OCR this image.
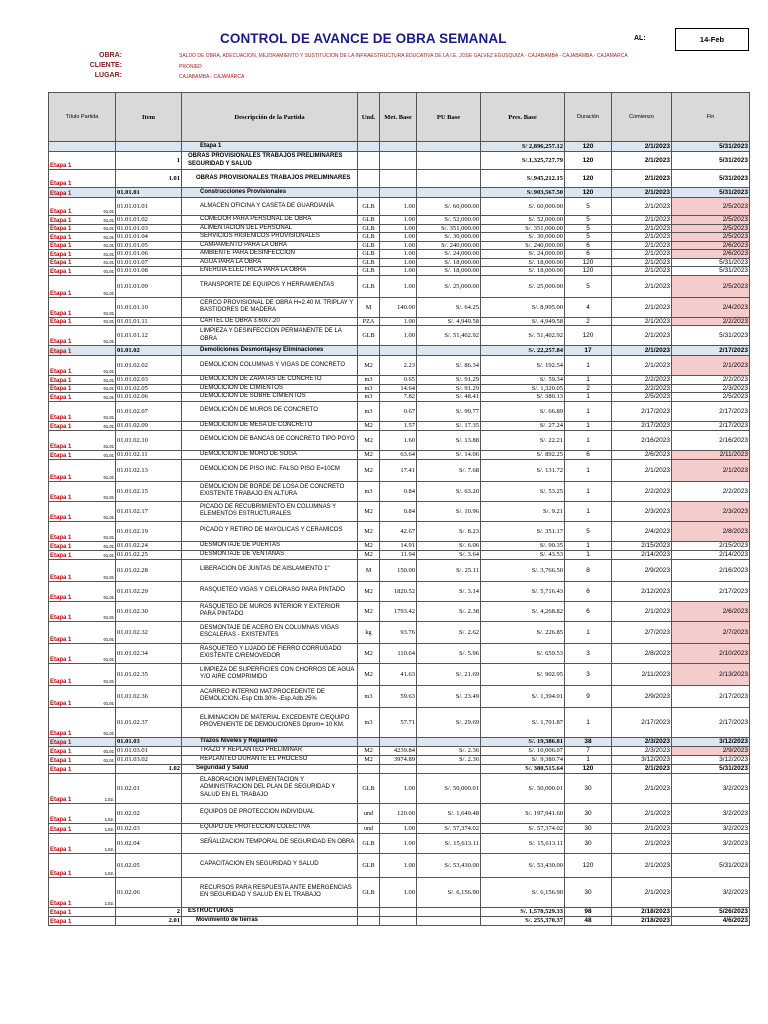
CONTROL DE AVANCE DE OBRA SEMANAL	AL:	14-Feb
OBRA:	SALDO DE OBRA, ADECUACION, MEJORAMIENTO Y SUSTITUCION DE LA INFRAESTRUCTURA EDUCATIVA DE LA I.E. JOSE GALVEZ EGUSQUIZA - CAJABAMBA - CAJABAMBA - CAJAMARCA
CLIENTE:	PRONIED
LUGAR:	CAJABAMBA - CAJAMARCA
Título Partida	Item	Descripción de la Partida	Und.	Met. Base	PU Base	Pres. Base	Duración	Comienzo	Fin

		Etapa 1				S/ 2,896,257.12	120	2/1/2023	5/31/2023
Etapa 1	1	OBRAS PROVISIONALES TRABAJOS PRELIMINARES SEGURIDAD Y SALUD				S/.1,325,727.79	120	2/1/2023	5/31/2023
Etapa 1	1.01	OBRAS PROVISIONALES TRABAJOS PRELIMINARES				S/.945,212.15	120	2/1/2023	5/31/2023
Etapa 1	01.01.01	Construcciones Provisionales				S/.903,567.50	120	2/1/2023	5/31/2023
Etapa 1 01.01	01.01.01.01	ALMACEN OFICINA Y CASETA DE GUARDIANÍA	GLB	1.00	S/. 60,000.00	S/. 60,000.00	5	2/1/2023	2/5/2023
Etapa 1 01.01	01.01.01.02	COMEDOR PARA PERSONAL DE OBRA	GLB	1.00	S/. 52,000.00	S/. 52,000.00	5	2/1/2023	2/5/2023
Etapa 1 01.01	01.01.01.03	ALIMENTACION DEL PERSONAL	GLB	1.00	S/. 351,000.00	S/. 351,000.00	5	2/1/2023	2/5/2023
Etapa 1 01.01	01.01.01.04	SERVICIOS HIGIENICOS PROVISIONALES	GLB	1.00	S/. 30,000.00	S/. 30,000.00	5	2/1/2023	2/5/2023
Etapa 1 01.01	01.01.01.05	CAMPAMENTO PARA LA OBRA	GLB	1.00	S/. 240,000.00	S/. 240,000.00	6	2/1/2023	2/6/2023
Etapa 1 01.01	01.01.01.06	AMBIENTE PARA DESINFECCION	GLB	1.00	S/. 24,000.00	S/. 24,000.00	6	2/1/2023	2/6/2023
Etapa 1 01.01	01.01.01.07	AGUA PARA LA OBRA	GLB	1.00	S/. 18,000.00	S/. 18,000.00	120	2/1/2023	5/31/2023
Etapa 1 01.01	01.01.01.08	ENERGIA ELECTRICA PARA LA OBRA	GLB	1.00	S/. 18,000.00	S/. 18,000.00	120	2/1/2023	5/31/2023
Etapa 1 01.01	01.01.01.09	TRANSPORTE DE EQUIPOS Y HERRAMIENTAS	GLB	1.00	S/. 25,000.00	S/. 25,000.00	5	2/1/2023	2/5/2023
Etapa 1 01.01	01.01.01.10	CERCO PROVISIONAL DE OBRA H=2.40 M. TRIPLAY Y BASTIDORES DE MADERA	M	140.00	S/. 64.25	S/. 8,995.00	4	2/1/2023	2/4/2023
Etapa 1 01.01	01.01.01.11	CARTEL DE OBRA 3.60x7.20	PZA	1.00	S/. 4,949.58	S/. 4,949.58	2	2/1/2023	2/2/2023
Etapa 1 01.01	01.01.01.12	LIMPIEZA Y DESINFECCION PERMANENTE DE LA OBRA	GLB	1.00	S/. 51,402.92	S/. 51,402.92	120	2/1/2023	5/31/2023
Etapa 1	01.01.02	Demoliciones Desmontajesy Eliminaciones				S/. 22,257.84	17	2/1/2023	2/17/2023
Etapa 1 01.01	01.01.02.02	DEMOLICION COLUMNAS Y VIGAS DE CONCRETO	M2	2.23	S/. 86.34	S/. 192.54	1	2/1/2023	2/1/2023
Etapa 1 01.01	01.01.02.03	DEMOLICION DE ZAPATAS DE CONCRETO	m3	0.65	S/. 91.29	S/. 59.34	1	2/2/2023	2/2/2023
Etapa 1 01.01	01.01.02.05	DEMOLICION DE CIMIENTOS	m3	14.64	S/. 91.29	S/. 1,320.05	2	2/2/2023	2/3/2023
Etapa 1 01.01	01.01.02.06	DEMOLICION DE SOBRE CIMIENTOS	m3	7.82	S/. 48.41	S/. 380.13	1	2/5/2023	2/5/2023
Etapa 1 01.01	01.01.02.07	DEMOLICIÓN DE MUROS DE CONCRETO	m3	0.67	S/. 99.77	S/. 66.89	1	2/17/2023	2/17/2023
Etapa 1 01.01	01.01.02.09	DEMOLICION DE MESA DE CONCRETO	M2	1.57	S/. 17.35	S/. 27.24	1	2/17/2023	2/17/2023
Etapa 1 01.01	01.01.02.10	DEMOLICION DE BANCAS DE CONCRETO TIPO POYO	M2	1.60	S/. 13.88	S/. 22.21	1	2/16/2023	2/16/2023
Etapa 1 01.01	01.01.02.11	DEMOLICION DE MURO DE SOGA	M2	63.64	S/. 14.06	S/. 892.25	6	2/6/2023	2/11/2023
Etapa 1 01.01	01.01.02.13	DEMOLICION DE PISO INC. FALSO PISO E=10CM	M2	17.41	S/. 7.68	S/. 131.72	1	2/1/2023	2/1/2023
Etapa 1 01.01	01.01.02.15	DEMOLICION DE BORDE DE LOSA DE CONCRETO EXISTENTE TRABAJO EN ALTURA	m3	0.84	S/. 63.20	S/. 53.25	1	2/2/2023	2/2/2023
Etapa 1 01.01	01.01.02.17	PICADO DE RECUBRIMIENTO EN COLUMNAS Y ELEMENTOS ESTRUCTURALES	M2	0.84	S/. 10.96	S/. 9.21	1	2/3/2023	2/3/2023
Etapa 1 01.01	01.01.02.19	PICADO Y RETIRO DE MAYOLICAS Y CERAMICOS	M2	42.67	S/. 8.23	S/. 351.17	5	2/4/2023	2/8/2023
Etapa 1 01.01	01.01.02.24	DESMONTAJE DE PUERTAS	M2	14.91	S/. 6.06	S/. 90.35	1	2/15/2023	2/15/2023
Etapa 1 01.01	01.01.02.25	DESMONTAJE DE VENTANAS	M2	11.94	S/. 3.64	S/. 43.53	1	2/14/2023	2/14/2023
Etapa 1 01.01	01.01.02.28	LIBERACION DE JUNTAS DE AISLAMIENTO 1"	M	150.00	S/. 25.11	S/. 3,766.50	8	2/9/2023	2/16/2023
Etapa 1 01.01	01.01.02.29	RASQUETEO VIGAS Y CIELORASO PARA PINTADO	M2	1820.52	S/. 3.14	S/. 5,716.43	6	2/12/2023	2/17/2023
Etapa 1 01.01	01.01.02.30	RASQUETEO DE MUROS INTERIOR Y EXTERIOR PARA PINTADO	M2	1793.42	S/. 2.38	S/. 4,268.82	6	2/1/2023	2/6/2023
Etapa 1 01.01	01.01.02.32	DESMONTAJE DE ACERO EN COLUMNAS VIGAS ESCALERAS - EXISTENTES	kg	93.76	S/. 2.62	S/. 226.85	1	2/7/2023	2/7/2023
Etapa 1 01.01	01.01.02.34	RASQUETEO Y LIJADO DE FIERRO CORRUGADO EXISTENTE C/REMOVEDOR	M2	110.64	S/. 5.96	S/. 659.53	3	2/8/2023	2/10/2023
Etapa 1 01.01	01.01.02.35	LIMPIEZA DE SUPERFICIES CON CHORROS DE AGUA Y/O AIRE COMPRIMIDO	M2	41.63	S/. 21.69	S/. 902.95	3	2/11/2023	2/13/2023
Etapa 1 01.01	01.01.02.36	ACARREO INTERNO MAT.PROCEDENTE DE DEMOLICION.-Esp Ctb.30% -Esp.Adb.25%	m3	59.63	S/. 23.49	S/. 1,394.01	9	2/9/2023	2/17/2023
Etapa 1 01.01	01.01.02.37	ELIMINACION DE MATERIAL EXCEDENTE C/EQUIPO PROVENIENTE DE DEMOLICIONES Dprom= 10 KM.	m3	57.71	S/. 29.69	S/. 1,701.87	1	2/17/2023	2/17/2023
Etapa 1	01.01.03	Trazos Niveles y Replanteo				S/. 19,386.81	38	2/3/2023	3/12/2023
Etapa 1 01.01	01.01.03.01	TRAZO Y REPLANTEO PRELIMINAR	M2	4239.84	S/. 2.36	S/. 10,006.07	7	2/3/2023	2/9/2023
Etapa 1 01.01	01.01.03.02	REPLANTEO DURANTE EL PROCESO	M2	3974.89	S/. 2.36	S/. 9,380.74	1	3/12/2023	3/12/2023
Etapa 1	1.02	Seguridad y Salud				S/. 380,515.64	120	2/1/2023	5/31/2023
Etapa 1 1.02.	01.02.01	ELABORACION IMPLEMENTACION Y ADMINISTRACION DEL PLAN DE SEGURIDAD Y SALUD EN EL TRABAJO	GLB	1.00	S/. 50,000.01	S/. 50,000.01	30	2/1/2023	3/2/2023
Etapa 1 1.02.	01.02.02	EQUIPOS DE PROTECCION INDIVIDUAL	und	120.00	S/. 1,649.48	S/. 197,941.60	30	2/1/2023	3/2/2023
Etapa 1 1.02.	01.02.03	EQUIPO DE PROTECCION COLECTIVA	und	1.00	S/. 57,374.02	S/. 57,374.02	30	2/1/2023	3/2/2023
Etapa 1 1.02.	01.02.04	SEÑALIZACION TEMPORAL DE SEGURIDAD EN OBRA	GLB	1.00	S/. 15,613.11	S/. 15,613.11	30	2/1/2023	3/2/2023
Etapa 1 1.02.	01.02.05	CAPACITACION EN SEGURIDAD Y SALUD	GLB	1.00	S/. 53,430.00	S/. 53,430.00	120	2/1/2023	5/31/2023
Etapa 1 1.02.	01.02.06	RECURSOS PARA RESPUESTA ANTE EMERGENCIAS EN SEGURIDAD Y SALUD EN EL TRABAJO	GLB	1.00	S/. 6,156.90	S/. 6,156.90	30	2/1/2023	3/2/2023
Etapa 1	2	ESTRUCTURAS				S/. 1,570,529.33	98	2/18/2023	5/26/2023
Etapa 1	2.01	Movimiento de tierras				S/. 255,370.37	48	2/18/2023	4/6/2023
